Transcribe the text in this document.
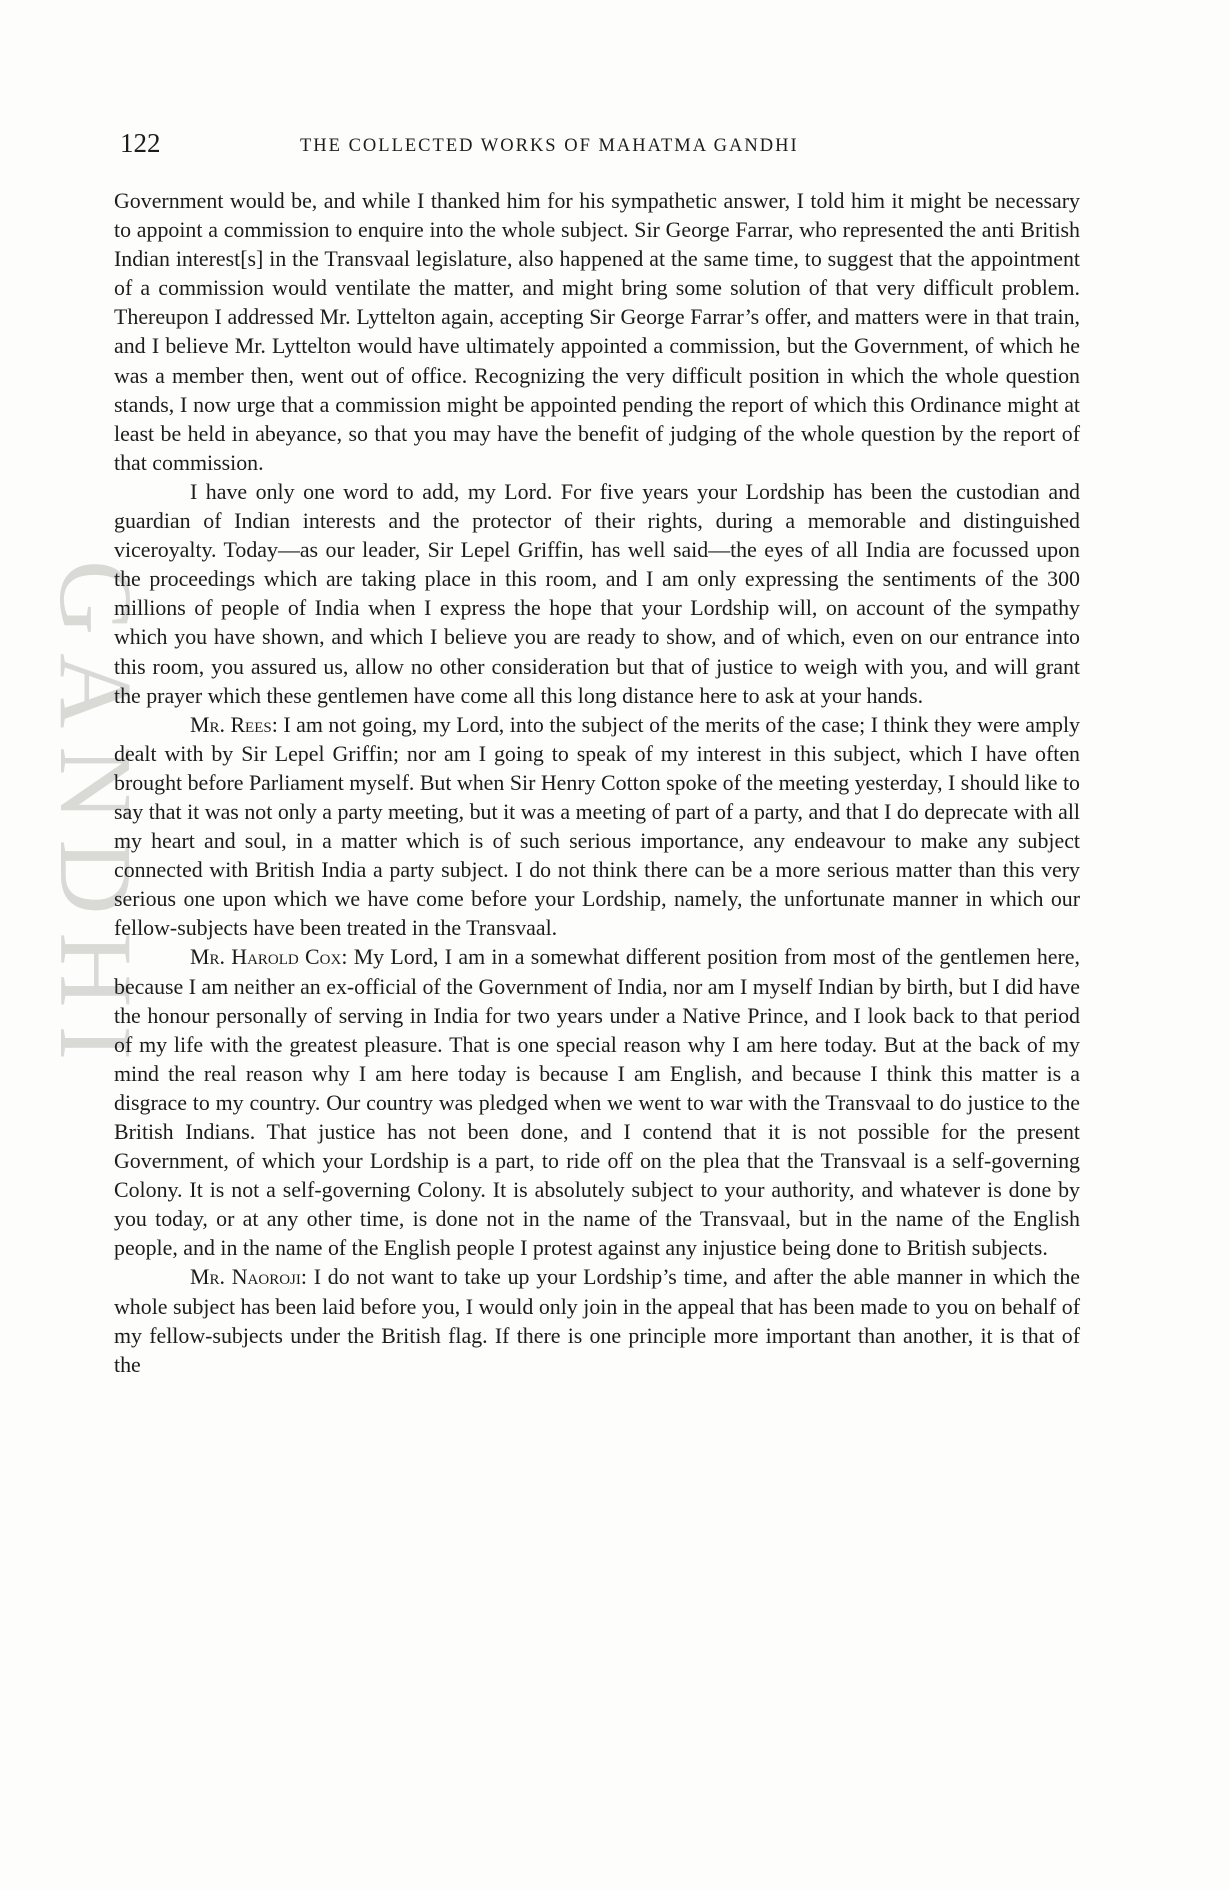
GANDHI
122	THE COLLECTED WORKS OF MAHATMA GANDHI

Government would be, and while I thanked him for his sympathetic answer, I told him it might be necessary to appoint a commission to enquire into the whole subject. Sir George Farrar, who represented the anti British Indian interest[s] in the Transvaal legislature, also happened at the same time, to suggest that the appointment of a commission would ventilate the matter, and might bring some solution of that very difficult problem. Thereupon I addressed Mr. Lyttelton again, accepting Sir George Farrar’s offer, and matters were in that train, and I believe Mr. Lyttelton would have ultimately appointed a commission, but the Government, of which he was a member then, went out of office. Recognizing the very difficult position in which the whole question stands, I now urge that a commission might be appointed pending the report of which this Ordinance might at least be held in abeyance, so that you may have the benefit of judging of the whole question by the report of that commission.

I have only one word to add, my Lord. For five years your Lordship has been the custodian and guardian of Indian interests and the protector of their rights, during a memorable and distinguished viceroyalty. Today—as our leader, Sir Lepel Griffin, has well said—the eyes of all India are focussed upon the proceedings which are taking place in this room, and I am only expressing the sentiments of the 300 millions of people of India when I express the hope that your Lordship will, on account of the sympathy which you have shown, and which I believe you are ready to show, and of which, even on our entrance into this room, you assured us, allow no other consideration but that of justice to weigh with you, and will grant the prayer which these gentlemen have come all this long distance here to ask at your hands.

Mr. Rees: I am not going, my Lord, into the subject of the merits of the case; I think they were amply dealt with by Sir Lepel Griffin; nor am I going to speak of my interest in this subject, which I have often brought before Parliament myself. But when Sir Henry Cotton spoke of the meeting yesterday, I should like to say that it was not only a party meeting, but it was a meeting of part of a party, and that I do deprecate with all my heart and soul, in a matter which is of such serious importance, any endeavour to make any subject connected with British India a party subject. I do not think there can be a more serious matter than this very serious one upon which we have come before your Lordship, namely, the unfortunate manner in which our fellow-subjects have been treated in the Transvaal.

Mr. Harold Cox: My Lord, I am in a somewhat different position from most of the gentlemen here, because I am neither an ex-official of the Government of India, nor am I myself Indian by birth, but I did have the honour personally of serving in India for two years under a Native Prince, and I look back to that period of my life with the greatest pleasure. That is one special reason why I am here today. But at the back of my mind the real reason why I am here today is because I am English, and because I think this matter is a disgrace to my country. Our country was pledged when we went to war with the Transvaal to do justice to the British Indians. That justice has not been done, and I contend that it is not possible for the present Government, of which your Lordship is a part, to ride off on the plea that the Transvaal is a self-governing Colony. It is not a self-governing Colony. It is absolutely subject to your authority, and whatever is done by you today, or at any other time, is done not in the name of the Transvaal, but in the name of the English people, and in the name of the English people I protest against any injustice being done to British subjects.

Mr. Naoroji: I do not want to take up your Lordship’s time, and after the able manner in which the whole subject has been laid before you, I would only join in the appeal that has been made to you on behalf of my fellow-subjects under the British flag. If there is one principle more important than another, it is that of the
